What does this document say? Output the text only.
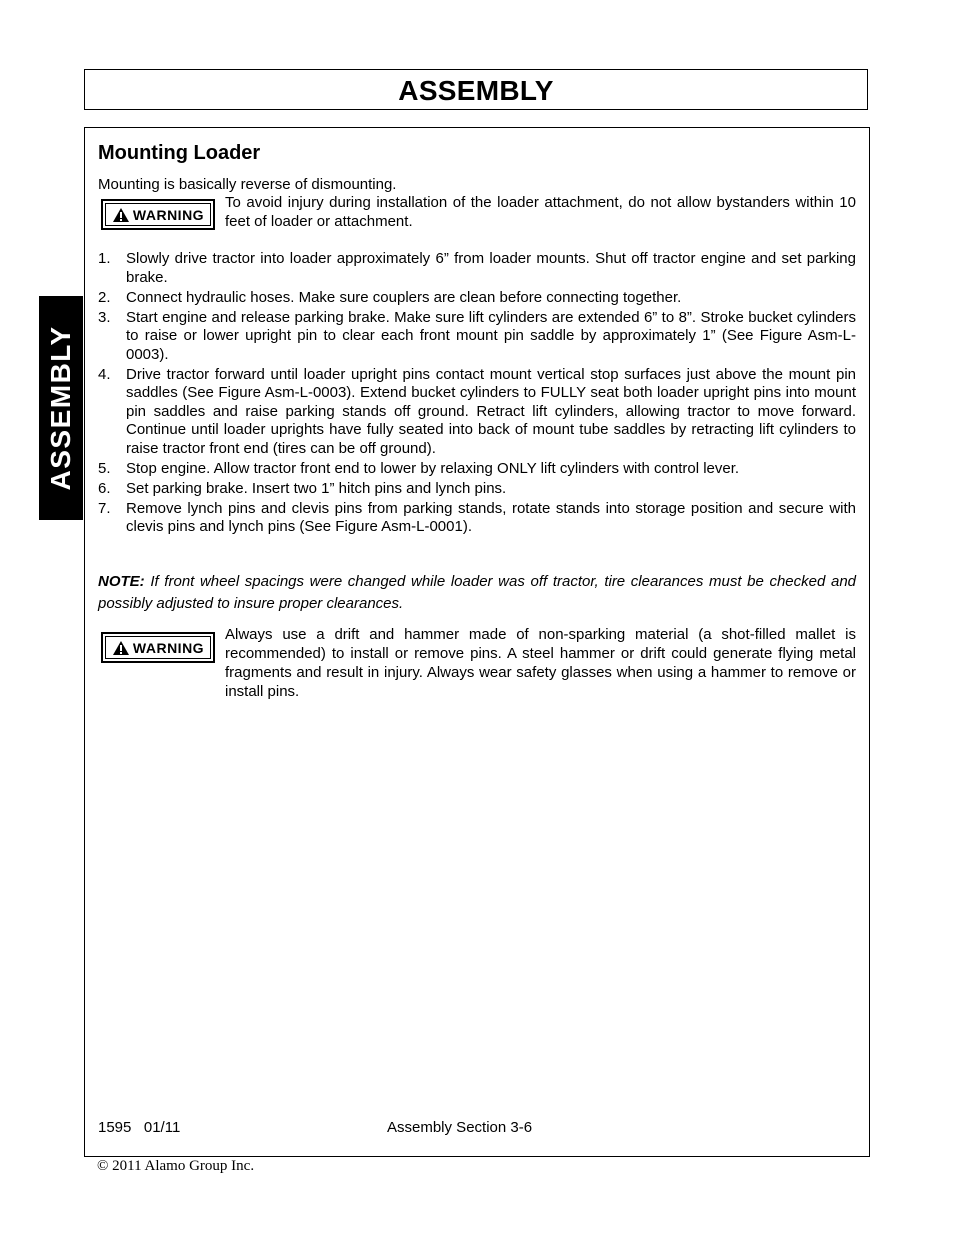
ASSEMBLY
ASSEMBLY
Mounting Loader
Mounting is basically reverse of dismounting.
WARNING
To avoid injury during installation of the loader attachment, do not allow bystanders within 10 feet of loader or attachment.
1. Slowly drive tractor into loader approximately 6” from loader mounts. Shut off tractor engine and set parking brake.
2. Connect hydraulic hoses. Make sure couplers are clean before connecting together.
3. Start engine and release parking brake. Make sure lift cylinders are extended 6” to 8”. Stroke bucket cylinders to raise or lower upright pin to clear each front mount pin saddle by approximately 1” (See Figure Asm-L-0003).
4. Drive tractor forward until loader upright pins contact mount vertical stop surfaces just above the mount pin saddles (See Figure Asm-L-0003). Extend bucket cylinders to FULLY seat both loader upright pins into mount pin saddles and raise parking stands off ground. Retract lift cylinders, allowing tractor to move forward. Continue until loader uprights have fully seated into back of mount tube saddles by retracting lift cylinders to raise tractor front end (tires can be off ground).
5. Stop engine. Allow tractor front end to lower by relaxing ONLY lift cylinders with control lever.
6. Set parking brake. Insert two 1” hitch pins and lynch pins.
7. Remove lynch pins and clevis pins from parking stands, rotate stands into storage position and secure with clevis pins and lynch pins (See Figure Asm-L-0001).
NOTE: If front wheel spacings were changed while loader was off tractor, tire clearances must be checked and possibly adjusted to insure proper clearances.
WARNING
Always use a drift and hammer made of non-sparking material (a shot-filled mallet is recommended) to install or remove pins. A steel hammer or drift could generate flying metal fragments and result in injury. Always wear safety glasses when using a hammer to remove or install pins.
1595   01/11	Assembly Section 3-6
© 2011 Alamo Group Inc.
